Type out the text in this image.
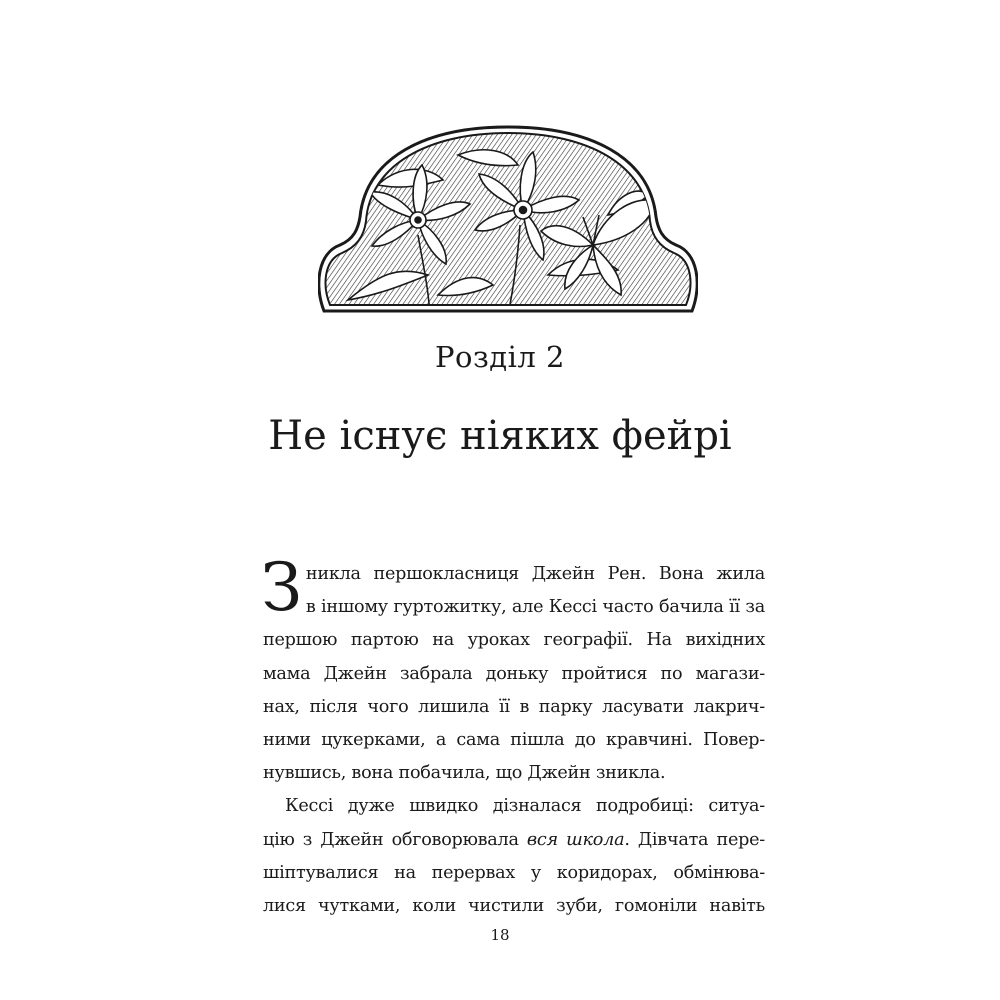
Розділ 2
Не існує ніяких фейрі

З никла першокласниця Джейн Рен. Вона жила
в іншому гуртожитку, але Кессі часто бачила її за
першою партою на уроках географії. На вихідних
мама Джейн забрала доньку пройтися по магази-
нах, після чого лишила її в парку ласувати лакрич-
ними цукерками, а сама пішла до кравчині. Повер-
нувшись, вона побачила, що Джейн зникла.

Кессі дуже швидко дізналася подробиці: ситуа-
цію з Джейн обговорювала вся школа. Дівчата пере-
шіптувалися на перервах у коридорах, обмінюва-
лися чутками, коли чистили зуби, гомоніли навіть

18
